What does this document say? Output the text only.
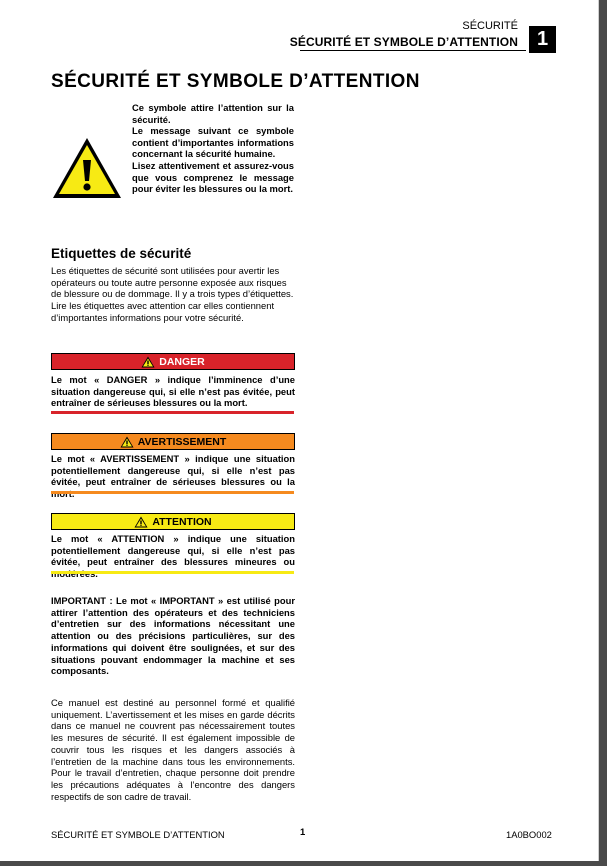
SÉCURITÉ
SÉCURITÉ ET SYMBOLE D’ATTENTION 1
SÉCURITÉ ET SYMBOLE D’ATTENTION

Ce symbole attire l’attention sur la sécurité.

Le message suivant ce symbole contient d’importantes informations concernant la sécurité humaine.

Lisez attentivement et assurez-vous que vous comprenez le message pour éviter les blessures ou la mort.

Etiquettes de sécurité

Les étiquettes de sécurité sont utilisées pour avertir les opérateurs ou toute autre personne exposée aux risques de blessure ou de dommage. Il y a trois types d’étiquettes.

Lire les étiquettes avec attention car elles contiennent d’importantes informations pour votre sécurité.

DANGER
Le mot « DANGER » indique l’imminence d’une situation dangereuse qui, si elle n’est pas évitée, peut entraîner de sérieuses blessures ou la mort.
AVERTISSEMENT
Le mot « AVERTISSEMENT » indique une situation potentiellement dangereuse qui, si elle n’est pas évitée, peut entraîner de sérieuses blessures ou la
ATTENTION
Le mot « ATTENTION » indique une situation potentiellement dangereuse qui, si elle n’est pas évitée, peut entraîner des blessures mineures ou
IMPORTANT : Le mot « IMPORTANT » est utilisé pour attirer l’attention des opérateurs et des techniciens d’entretien sur des informations nécessitant une attention ou des précisions particulières, sur des informations qui doivent être soulignées, et sur des situations pouvant endommager la machine et ses composants.
Ce manuel est destiné au personnel formé et qualifié uniquement. L’avertissement et les mises en garde décrits dans ce manuel ne couvrent pas nécessairement toutes les mesures de sécurité. Il est également impossible de couvrir tous les risques et les dangers associés à l’entretien de la machine dans tous les environnements. Pour le travail d’entretien, chaque personne doit prendre les précautions adéquates à l’encontre des dangers respectifs de son cadre de travail.
SÉCURITÉ ET SYMBOLE D’ATTENTION	1	1A0BO002
